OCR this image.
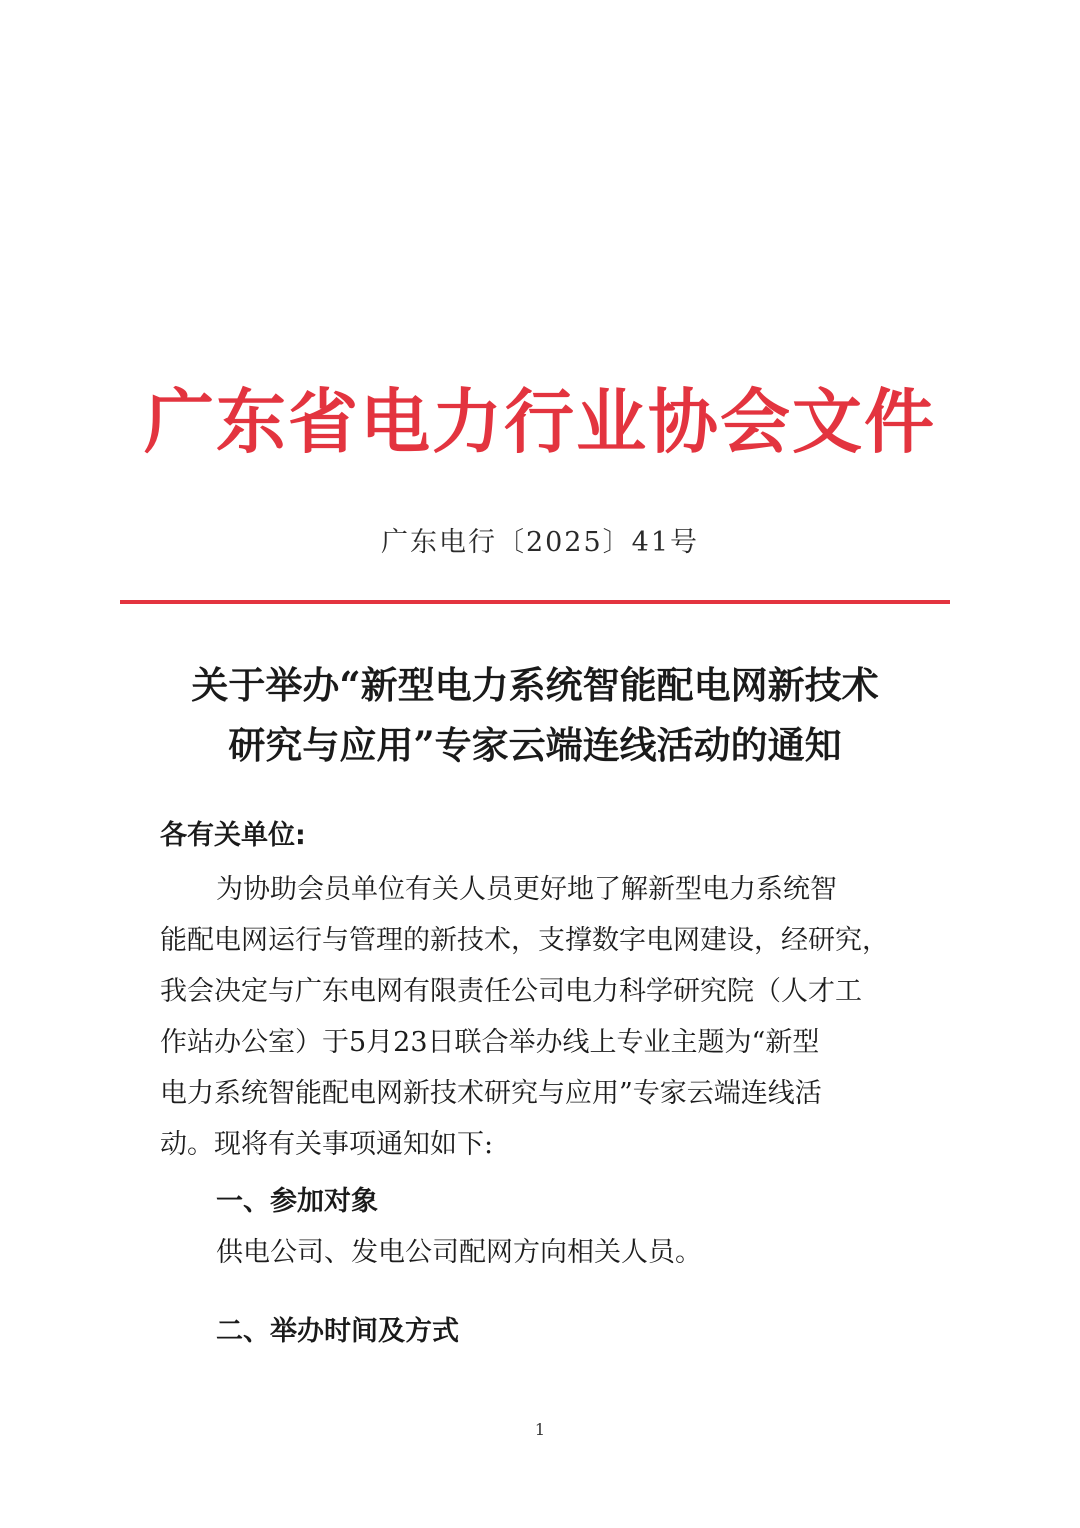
广东省电力行业协会文件
广东电行〔2025〕41号
关于举办“新型电力系统智能配电网新技术
研究与应用”专家云端连线活动的通知
各有关单位:
为协助会员单位有关人员更好地了解新型电力系统智
能配电网运行与管理的新技术，支撑数字电网建设，经研究，
我会决定与广东电网有限责任公司电力科学研究院（人才工
作站办公室）于5月23日联合举办线上专业主题为“新型
电力系统智能配电网新技术研究与应用”专家云端连线活
动。现将有关事项通知如下:
一、参加对象
供电公司、发电公司配网方向相关人员。
二、举办时间及方式
1
